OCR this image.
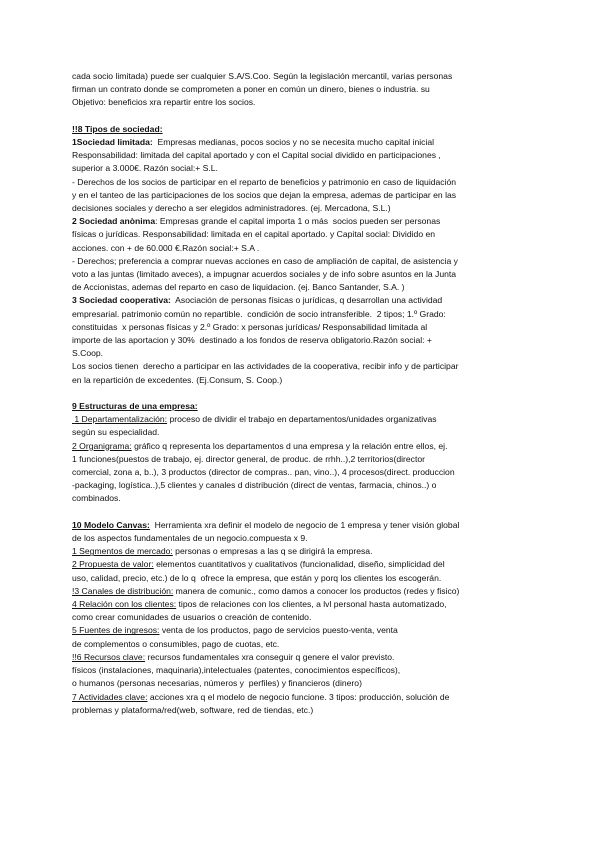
cada socio limitada) puede ser cualquier S.A/S.Coo. Según la legislación mercantil, varias personas

firman un contrato donde se comprometen a poner en común un dinero, bienes o industria. su

Objetivo: beneficios xra repartir entre los socios.

!!8 Tipos de sociedad:

1Sociedad limitada:  Empresas medianas, pocos socios y no se necesita mucho capital inicial

Responsabilidad: limitada del capital aportado y con el Capital social dividido en participaciones ,

superior a 3.000€. Razón social:+ S.L.

- Derechos de los socios de participar en el reparto de beneficios y patrimonio en caso de liquidación

y en el tanteo de las participaciones de los socios que dejan la empresa, ademas de participar en las

decisiones sociales y derecho a ser elegidos administradores. (ej. Mercadona, S.L.)

2 Sociedad anònima: Empresas grande el capital importa 1 o más  socios pueden ser personas

físicas o jurídicas. Responsabilidad: limitada en el capital aportado. y Capital social: Dividido en

acciones. con + de 60.000 €.Razón social:+ S.A .

- Derechos; preferencia a comprar nuevas acciones en caso de ampliación de capital, de asistencia y

voto a las juntas (limitado aveces), a impugnar acuerdos sociales y de info sobre asuntos en la Junta

de Accionistas, ademas del reparto en caso de liquidacion. (ej. Banco Santander, S.A. )

3 Sociedad cooperativa:  Asociación de personas físicas o jurídicas, q desarrollan una actividad

empresarial. patrimonio común no repartible.  condición de socio intransferible.  2 tipos; 1.º Grado:

constituidas  x personas físicas y 2.º Grado: x personas jurídicas/ Responsabilidad limitada al

importe de las aportacion y 30%  destinado a los fondos de reserva obligatorio.Razón social: +

S.Coop.

Los socios tienen  derecho a participar en las actividades de la cooperativa, recibir info y de participar

en la repartición de excedentes. (Ej.Consum, S. Coop.)

9 Estructuras de una empresa:

1 Departamentalización: proceso de dividir el trabajo en departamentos/unidades organizativas

según su especialidad.

2 Organigrama: gráfico q representa los departamentos d una empresa y la relación entre ellos, ej.

1 funciones(puestos de trabajo, ej. director general, de produc. de rrhh..),2 territorios(director

comercial, zona a, b..), 3 productos (director de compras.. pan, vino..), 4 procesos(direct. produccion

-packaging, logística..),5 clientes y canales d distribución (direct de ventas, farmacia, chinos..) o

combinados.

10 Modelo Canvas:  Herramienta xra definir el modelo de negocio de 1 empresa y tener visión global

de los aspectos fundamentales de un negocio.compuesta x 9.

1 Segmentos de mercado: personas o empresas a las q se dirigirá la empresa.

2 Propuesta de valor: elementos cuantitativos y cualitativos (funcionalidad, diseño, simplicidad del

uso, calidad, precio, etc.) de lo q  ofrece la empresa, que están y porq los clientes los escogerán.

!3 Canales de distribución: manera de comunic., como damos a conocer los productos (redes y fisico)

4 Relación con los clientes: tipos de relaciones con los clientes, a lvl personal hasta automatizado,

como crear comunidades de usuarios o creación de contenido.

5 Fuentes de ingresos: venta de los productos, pago de servicios puesto-venta, venta

de complementos o consumibles, pago de cuotas, etc.

!!6 Recursos clave: recursos fundamentales xra conseguir q genere el valor previsto.

físicos (instalaciones, maquinaria),intelectuales (patentes, conocimientos específicos),

o humanos (personas necesarias, números y  perfiles) y financieros (dinero)

7 Actividades clave: acciones xra q el modelo de negocio funcione. 3 tipos: producción, solución de

problemas y plataforma/red(web, software, red de tiendas, etc.)
